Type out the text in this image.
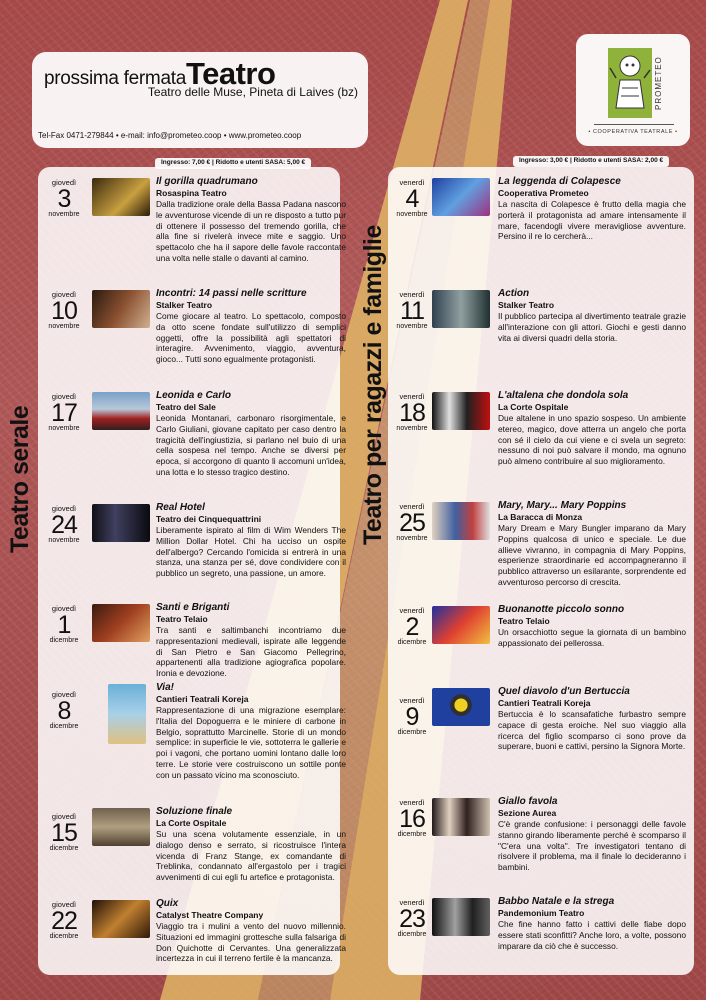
prossima fermataTeatro
Teatro delle Muse, Pineta di Laives (bz)
Tel-Fax 0471-279844 • e-mail: info@prometeo.coop • www.prometeo.coop
PROMETEO
• COOPERATIVA TEATRALE •
Ingresso: 7,00 € | Ridotto e utenti SASA: 5,00 €	Ingresso: 3,00 € | Ridotto e utenti SASA: 2,00 €
Teatro serale	Teatro per ragazzi e famiglie
giovedì
3
novembre
Il gorilla quadrumano
Rosaspina Teatro
Dalla tradizione orale della Bassa Padana nascono le avventurose vicende di un re disposto a tutto pur di ottenere il possesso del tremendo gorilla, che alla fine si rivelerà invece mite e saggio. Uno spettacolo che ha il sapore delle favole raccontate una volta nelle stalle o davanti al camino.
giovedì
10
novembre
Incontri: 14 passi nelle scritture
Stalker Teatro
Come giocare al teatro. Lo spettacolo, composto da otto scene fondate sull'utilizzo di semplici oggetti, offre la possibilità agli spettatori di interagire. Avvenimento, viaggio, avventura, gioco... Tutti sono egualmente protagonisti.
giovedì
17
novembre
Leonida e Carlo
Teatro del Sale
Leonida Montanari, carbonaro risorgimentale, e Carlo Giuliani, giovane capitato per caso dentro la tragicità dell'ingiustizia, si parlano nel buio di una cella sospesa nel tempo. Anche se diversi per epoca, si accorgono di quanto li accomuni un'idea, una lotta e lo stesso tragico destino.
giovedì
24
novembre
Real Hotel
Teatro dei Cinquequattrini
Liberamente ispirato al film di Wim Wenders The Million Dollar Hotel. Chi ha ucciso un ospite dell'albergo? Cercando l'omicida si entrerà in una stanza, una stanza per sé, dove condividere con il pubblico un segreto, una passione, un amore.
giovedì
1
dicembre
Santi e Briganti
Teatro Telaio
Tra santi e saltimbanchi incontriamo due rappresentazioni medievali, ispirate alle leggende di San Pietro e San Giacomo Pellegrino, appartenenti alla tradizione agiografica popolare. Ironia e devozione.
giovedì
8
dicembre
Via!
Cantieri Teatrali Koreja
Rappresentazione di una migrazione esemplare: l'Italia del Dopoguerra e le miniere di carbone in Belgio, soprattutto Marcinelle. Storie di un mondo semplice: in superficie le vie, sottoterra le gallerie e poi i vagoni, che portano uomini lontano dalle loro terre. Le storie vere costruiscono un sottile ponte con un passato vicino ma sconosciuto.
giovedì
15
dicembre
Soluzione finale
La Corte Ospitale
Su una scena volutamente essenziale, in un dialogo denso e serrato, si ricostruisce l'intera vicenda di Franz Stange, ex comandante di Treblinka, condannato all'ergastolo per i tragici avvenimenti di cui egli fu artefice e protagonista.
giovedì
22
dicembre
Quix
Catalyst Theatre Company
Viaggio tra i mulini a vento del nuovo millennio. Situazioni ed immagini grottesche sulla falsariga di Don Quichotte di Cervantes. Una generalizzata incertezza in cui il terreno fertile è la mancanza.
venerdì
4
novembre
La leggenda di Colapesce
Cooperativa Prometeo
La nascita di Colapesce è frutto della magia che porterà il protagonista ad amare intensamente il mare, facendogli vivere meravigliose avventure. Persino il re lo cercherà...
venerdì
11
novembre
Action
Stalker Teatro
Il pubblico partecipa al divertimento teatrale grazie all'interazione con gli attori. Giochi e gesti danno vita ai diversi quadri della storia.
venerdì
18
novembre
L'altalena che dondola sola
La Corte Ospitale
Due altalene in uno spazio sospeso. Un ambiente etereo, magico, dove atterra un angelo che porta con sé il cielo da cui viene e ci svela un segreto: nessuno di noi può salvare il mondo, ma ognuno può almeno contribuire al suo miglioramento.
venerdì
25
novembre
Mary, Mary... Mary Poppins
La Baracca di Monza
Mary Dream e Mary Bungler imparano da Mary Poppins qualcosa di unico e speciale. Le due allieve vivranno, in compagnia di Mary Poppins, esperienze straordinarie ed accompagneranno il pubblico attraverso un esilarante, sorprendente ed avventuroso percorso di crescita.
venerdì
2
dicembre
Buonanotte piccolo sonno
Teatro Telaio
Un orsacchiotto segue la giornata di un bambino appassionato dei pellerossa.
venerdì
9
dicembre
Quel diavolo d'un Bertuccia
Cantieri Teatrali Koreja
Bertuccia è lo scansafatiche furbastro sempre capace di gesta eroiche. Nel suo viaggio alla ricerca del figlio scomparso ci sono prove da superare, buoni e cattivi, persino la Signora Morte.
venerdì
16
dicembre
Giallo favola
Sezione Aurea
C'è grande confusione: i personaggi delle favole stanno girando liberamente perché è scomparso il "C'era una volta". Tre investigatori tentano di risolvere il problema, ma il finale lo decideranno i bambini.
venerdì
23
dicembre
Babbo Natale e la strega
Pandemonium Teatro
Che fine hanno fatto i cattivi delle fiabe dopo essere stati sconfitti? Anche loro, a volte, possono imparare da ciò che è successo.
